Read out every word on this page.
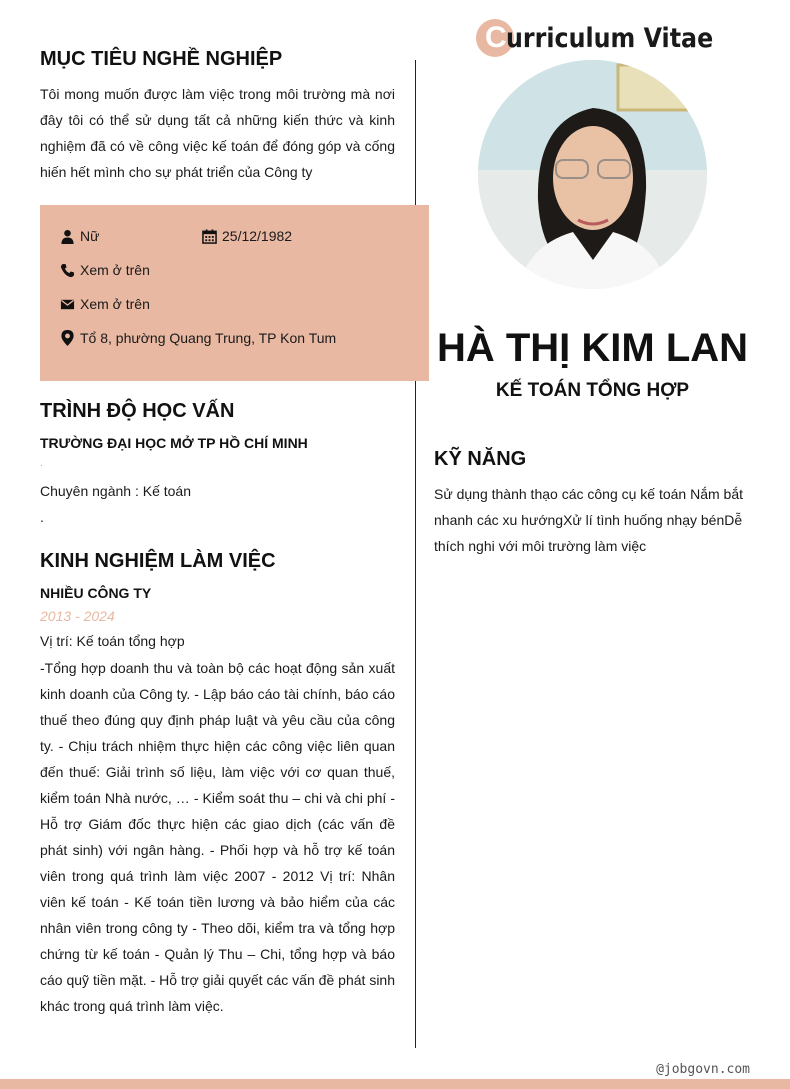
C urriculum Vitae
HÀ THỊ KIM LAN
KẾ TOÁN TỔNG HỢP
MỤC TIÊU NGHỀ NGHIỆP

Tôi mong muốn được làm việc trong môi trường mà nơi đây tôi có thể sử dụng tất cả những kiến thức và kinh nghiệm đã có về công việc kế toán để đóng góp và cống hiến hết mình cho sự phát triển của Công ty

Nữ	25/12/1982
Xem ở trên
Xem ở trên
Tổ 8, phường Quang Trung, TP Kon Tum
TRÌNH ĐỘ HỌC VẤN
TRƯỜNG ĐẠI HỌC MỞ TP HỒ CHÍ MINH
.
Chuyên ngành : Kế toán
.
KINH NGHIỆM LÀM VIỆC
NHIỀU CÔNG TY
2013 - 2024
Vị trí: Kế toán tổng hợp

-Tổng hợp doanh thu và toàn bộ các hoạt động sản xuất kinh doanh của Công ty. - Lập báo cáo tài chính, báo cáo thuế theo đúng quy định pháp luật và yêu cầu của công ty. - Chịu trách nhiệm thực hiện các công việc liên quan đến thuế: Giải trình số liệu, làm việc với cơ quan thuế, kiểm toán Nhà nước, … - Kiểm soát thu – chi và chi phí - Hỗ trợ Giám đốc thực hiện các giao dịch (các vấn đề phát sinh) với ngân hàng. - Phối hợp và hỗ trợ kế toán viên trong quá trình làm việc 2007 - 2012 Vị trí: Nhân viên kế toán - Kế toán tiền lương và bảo hiểm của các nhân viên trong công ty - Theo dõi, kiểm tra và tổng hợp chứng từ kế toán - Quản lý Thu – Chi, tổng hợp và báo cáo quỹ tiền mặt. - Hỗ trợ giải quyết các vấn đề phát sinh khác trong quá trình làm việc.

KỸ NĂNG

Sử dụng thành thạo các công cụ kế toán Nắm bắt nhanh các xu hướngXử lí tình huống nhạy bénDễ thích nghi với môi trường làm việc

@jobgovn.com
